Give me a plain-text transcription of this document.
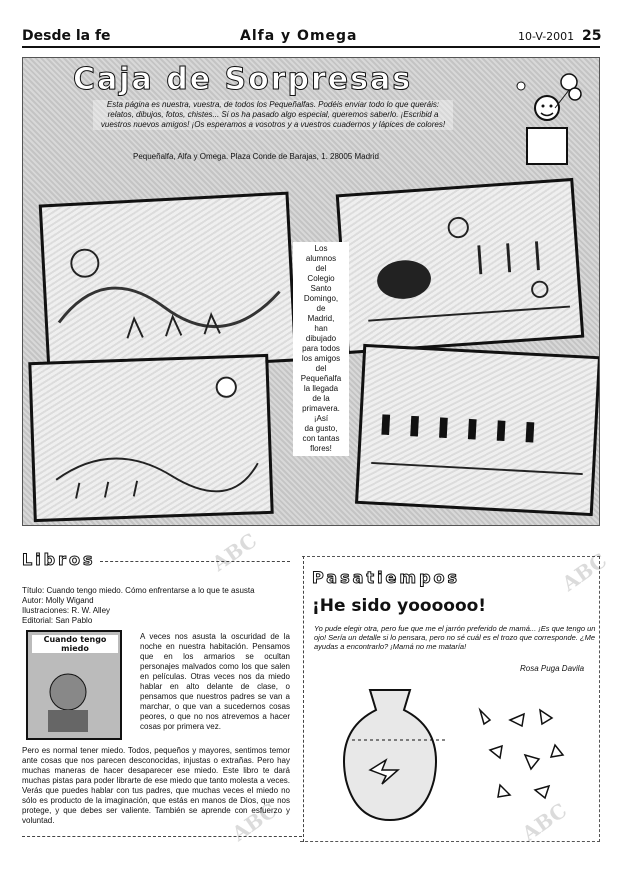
Desde la fe	Alfa y Omega	10-V-2001 25
Caja de Sorpresas
Esta página es nuestra, vuestra, de todos los Pequeñalfas. Podéis enviar todo lo que queráis: relatos, dibujos, fotos, chistes... Si os ha pasado algo especial, queremos saberlo. ¡Escribid a vuestros nuevos amigos! ¡Os esperamos a vosotros y a vuestros cuadernos y lápices de colores!
Pequeñalfa, Alfa y Omega. Plaza Conde de Barajas, 1. 28005 Madrid
Los
alumnos
del
Colegio
Santo
Domingo,
de
Madrid,
han
dibujado
para todos
los amigos
del
Pequeñalfa
la llegada
de la
primavera.
¡Así
da gusto,
con tantas
flores!
Libros
Título: Cuando tengo miedo. Cómo enfrentarse a lo que te asusta
Autor: Molly Wigand
Ilustraciones: R. W. Alley
Editorial: San Pablo
Cuando tengo miedo
A veces nos asusta la oscuridad de la noche en nuestra habitación. Pensamos que en los armarios se ocultan personajes malvados como los que salen en películas. Otras veces nos da miedo hablar en alto delante de clase, o pensamos que nuestros padres se van a marchar, o que van a sucedernos cosas peores, o que no nos atrevemos a hacer cosas por primera vez.
Pero es normal tener miedo. Todos, pequeños y mayores, sentimos temor ante cosas que nos parecen desconocidas, injustas o extrañas. Pero hay muchas maneras de hacer desaparecer ese miedo. Este libro te dará muchas pistas para poder librarte de ese miedo que tanto molesta a veces. Verás que puedes hablar con tus padres, que muchas veces el miedo no sólo es producto de la imaginación, que estás en manos de Dios, que nos protege, y que debes ser valiente. También se aprende con esfuerzo y voluntad.
Pasatiempos
¡He sido yoooooo!
Yo pude elegir otra, pero fue que me el jarrón preferido de mamá... ¡Es que tengo un ojo! Sería un detalle si lo pensara, pero no sé cuál es el trozo que corresponde. ¿Me ayudas a encontrarlo? ¡Mamá no me mataría!
Rosa Puga Davila
ABC
ABC	ABC
ABC
